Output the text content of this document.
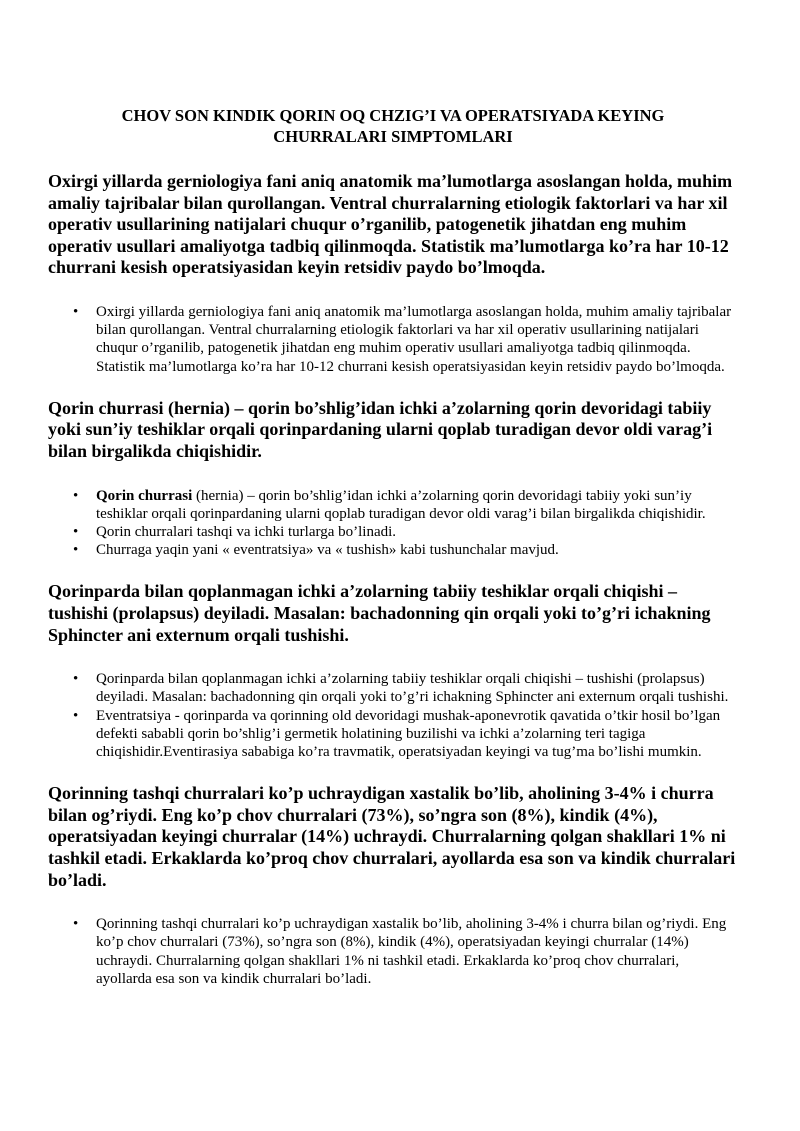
CHOV SON KINDIK QORIN OQ CHZIG’I VA OPERATSIYADA KEYING
CHURRALARI SIMPTOMLARI
Oxirgi yillarda gerniologiya fani aniq anatomik ma’lumotlarga asoslangan holda, muhim amaliy tajribalar bilan qurollangan. Ventral churralarning etiologik faktorlari va har xil operativ usullarining natijalari chuqur o’rganilib, patogenetik jihatdan eng muhim operativ usullari amaliyotga tadbiq qilinmoqda. Statistik ma’lumotlarga ko’ra har 10-12 churrani kesish operatsiyasidan keyin retsidiv paydo bo’lmoqda.
• Oxirgi yillarda gerniologiya fani aniq anatomik ma’lumotlarga asoslangan holda, muhim amaliy tajribalar bilan qurollangan. Ventral churralarning etiologik faktorlari va har xil operativ usullarining natijalari chuqur o’rganilib, patogenetik jihatdan eng muhim operativ usullari amaliyotga tadbiq qilinmoqda. Statistik ma’lumotlarga ko’ra har 10-12 churrani kesish operatsiyasidan keyin retsidiv paydo bo’lmoqda.
Qorin churrasi (hernia) – qorin bo’shlig’idan ichki a’zolarning qorin devoridagi tabiiy yoki sun’iy teshiklar orqali qorinpardaning ularni qoplab turadigan devor oldi varag’i bilan birgalikda chiqishidir.
• Qorin churrasi (hernia) – qorin bo’shlig’idan ichki a’zolarning qorin devoridagi tabiiy yoki sun’iy teshiklar orqali qorinpardaning ularni qoplab turadigan devor oldi varag’i bilan birgalikda chiqishidir.
• Qorin churralari tashqi va ichki turlarga bo’linadi.
• Churraga yaqin yani « eventratsiya» va « tushish» kabi tushunchalar mavjud.
Qorinparda bilan qoplanmagan ichki a’zolarning tabiiy teshiklar orqali chiqishi – tushishi (prolapsus) deyiladi. Masalan: bachadonning qin orqali yoki to’g’ri ichakning Sphincter ani externum orqali tushishi.
• Qorinparda bilan qoplanmagan ichki a’zolarning tabiiy teshiklar orqali chiqishi – tushishi (prolapsus) deyiladi. Masalan: bachadonning qin orqali yoki to’g’ri ichakning Sphincter ani externum orqali tushishi.
• Eventratsiya - qorinparda va qorinning old devoridagi mushak-aponevrotik qavatida o’tkir hosil bo’lgan defekti sababli qorin bo’shlig’i germetik holatining buzilishi va ichki a’zolarning teri tagiga chiqishidir.Eventirasiya sababiga ko’ra travmatik, operatsiyadan keyingi va tug’ma bo’lishi mumkin.
Qorinning tashqi churralari ko’p uchraydigan xastalik bo’lib, aholining 3-4% i churra bilan og’riydi. Eng ko’p chov churralari (73%), so’ngra son (8%), kindik (4%), operatsiyadan keyingi churralar (14%) uchraydi. Churralarning qolgan shakllari 1% ni tashkil etadi. Erkaklarda ko’proq chov churralari, ayollarda esa son va kindik churralari bo’ladi.
• Qorinning tashqi churralari ko’p uchraydigan xastalik bo’lib, aholining 3-4% i churra bilan og’riydi. Eng ko’p chov churralari (73%), so’ngra son (8%), kindik (4%), operatsiyadan keyingi churralar (14%) uchraydi. Churralarning qolgan shakllari 1% ni tashkil etadi. Erkaklarda ko’proq chov churralari, ayollarda esa son va kindik churralari bo’ladi.
